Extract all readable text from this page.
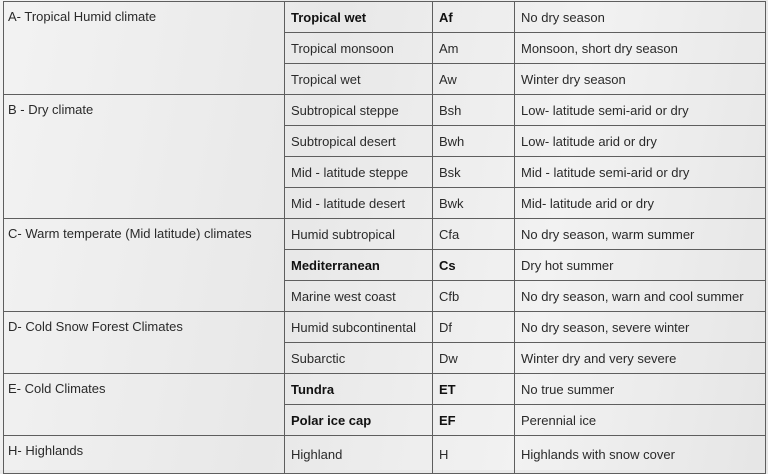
A- Tropical Humid climate	Tropical wet	Af	No dry season
	Tropical monsoon	Am	Monsoon, short dry season
	Tropical wet	Aw	Winter dry season
B - Dry climate	Subtropical steppe	Bsh	Low- latitude semi-arid or dry
	Subtropical desert	Bwh	Low- latitude arid or dry
	Mid - latitude steppe	Bsk	Mid - latitude semi-arid or dry
	Mid - latitude desert	Bwk	Mid- latitude arid or dry
C- Warm temperate (Mid latitude) climates	Humid subtropical	Cfa	No dry season, warm summer
	Mediterranean	Cs	Dry hot summer
	Marine west coast	Cfb	No dry season, warn and cool summer
D- Cold Snow Forest Climates	Humid subcontinental	Df	No dry season, severe winter
	Subarctic	Dw	Winter dry and very severe
E- Cold Climates	Tundra	ET	No true summer
	Polar ice cap	EF	Perennial ice
H- Highlands	Highland	H	Highlands with snow cover
